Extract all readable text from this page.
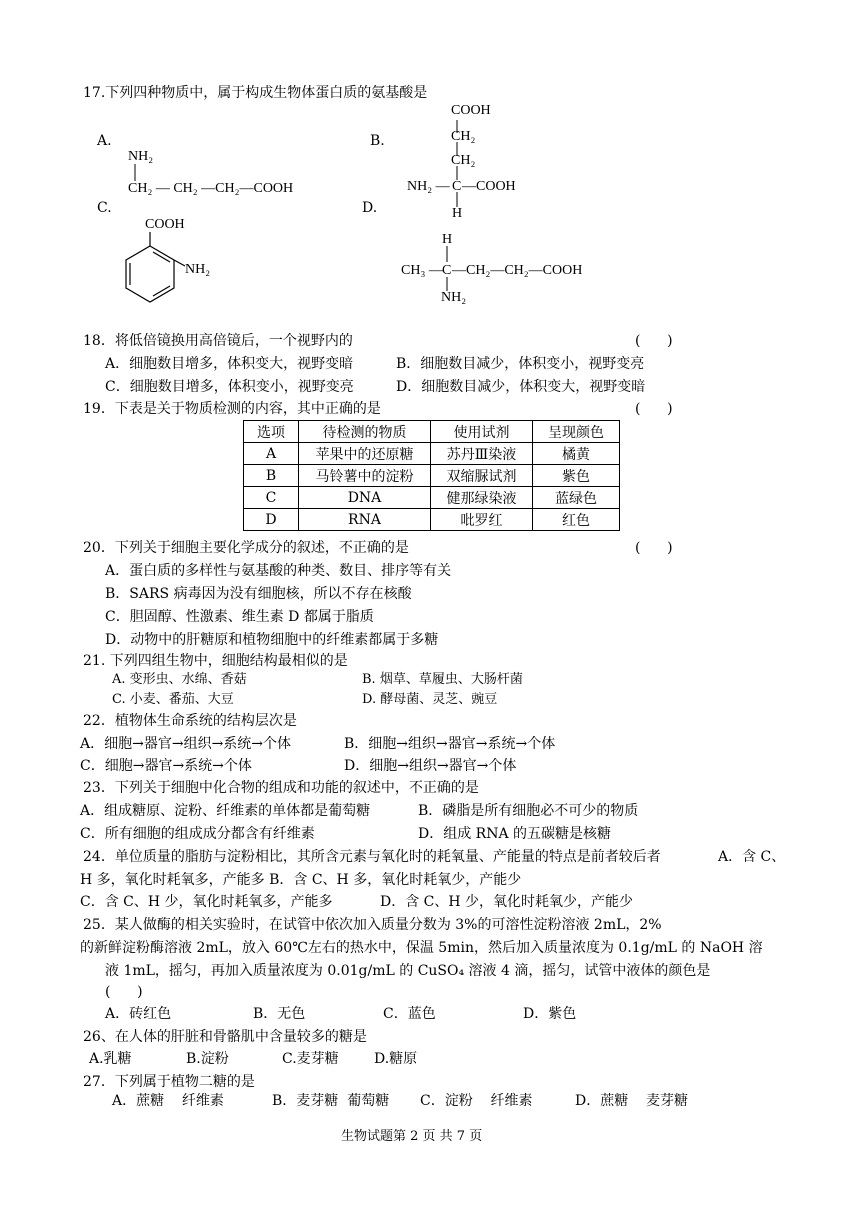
17.下列四种物质中，属于构成生物体蛋白质的氨基酸是
A.	B.
C.	D.
NH₂
CH₂ — CH₂ —CH₂—COOH
COOH
CH₂
CH₂
NH₂ — C —COOH
H
COOH
NH₂
H
CH₃ — C —CH₂—CH₂—COOH
NH₂
18．将低倍镜换用高倍镜后，一个视野内的	(      )
A．细胞数目增多，体积变大，视野变暗	B．细胞数目减少，体积变小，视野变亮
C．细胞数目增多，体积变小，视野变亮	D．细胞数目减少，体积变大，视野变暗
19．下表是关于物质检测的内容，其中正确的是	(      )
选项	待检测的物质	使用试剂	呈现颜色
A	苹果中的还原糖	苏丹Ⅲ染液	橘黄
B	马铃薯中的淀粉	双缩脲试剂	紫色
C	DNA	健那绿染液	蓝绿色
D	RNA	吡罗红	红色
20．下列关于细胞主要化学成分的叙述，不正确的是	(      )
A．蛋白质的多样性与氨基酸的种类、数目、排序等有关
B．SARS 病毒因为没有细胞核，所以不存在核酸
C．胆固醇、性激素、维生素 D 都属于脂质
D．动物中的肝糖原和植物细胞中的纤维素都属于多糖
21. 下列四组生物中，细胞结构最相似的是
A. 变形虫、水绵、香菇	B. 烟草、草履虫、大肠杆菌
C. 小麦、番茄、大豆	D. 酵母菌、灵芝、豌豆
22．植物体生命系统的结构层次是
A．细胞→器官→组织→系统→个体	B．细胞→组织→器官→系统→个体
C．细胞→器官→系统→个体	D．细胞→组织→器官→个体
23．下列关于细胞中化合物的组成和功能的叙述中，不正确的是
A．组成糖原、淀粉、纤维素的单体都是葡萄糖	B．磷脂是所有细胞必不可少的物质
C．所有细胞的组成成分都含有纤维素	D．组成 RNA 的五碳糖是核糖
24．单位质量的脂肪与淀粉相比，其所含元素与氧化时的耗氧量、产能量的特点是前者较后者	A．含 C、
H 多，氧化时耗氧多，产能多 B．含 C、H 多，氧化时耗氧少，产能少
C．含 C、H 少，氧化时耗氧多，产能多	D．含 C、H 少，氧化时耗氧少，产能少
25．某人做酶的相关实验时，在试管中依次加入质量分数为 3%的可溶性淀粉溶液 2mL，2%
的新鲜淀粉酶溶液 2mL，放入 60℃左右的热水中，保温 5min，然后加入质量浓度为 0.1g/mL 的 NaOH 溶
液 1mL，摇匀，再加入质量浓度为 0.01g/mL 的 CuSO₄ 溶液 4 滴，摇匀，试管中液体的颜色是
(      )
A．砖红色	B．无色	C．蓝色	D．紫色
26、在人体的肝脏和骨骼肌中含量较多的糖是
A.乳糖	B.淀粉	C.麦芽糖	D.糖原
27．下列属于植物二糖的是
A．蔗糖    纤维素	B．麦芽糖  葡萄糖 C．淀粉    纤维素	D．蔗糖    麦芽糖
生物试题第 2 页 共 7 页
